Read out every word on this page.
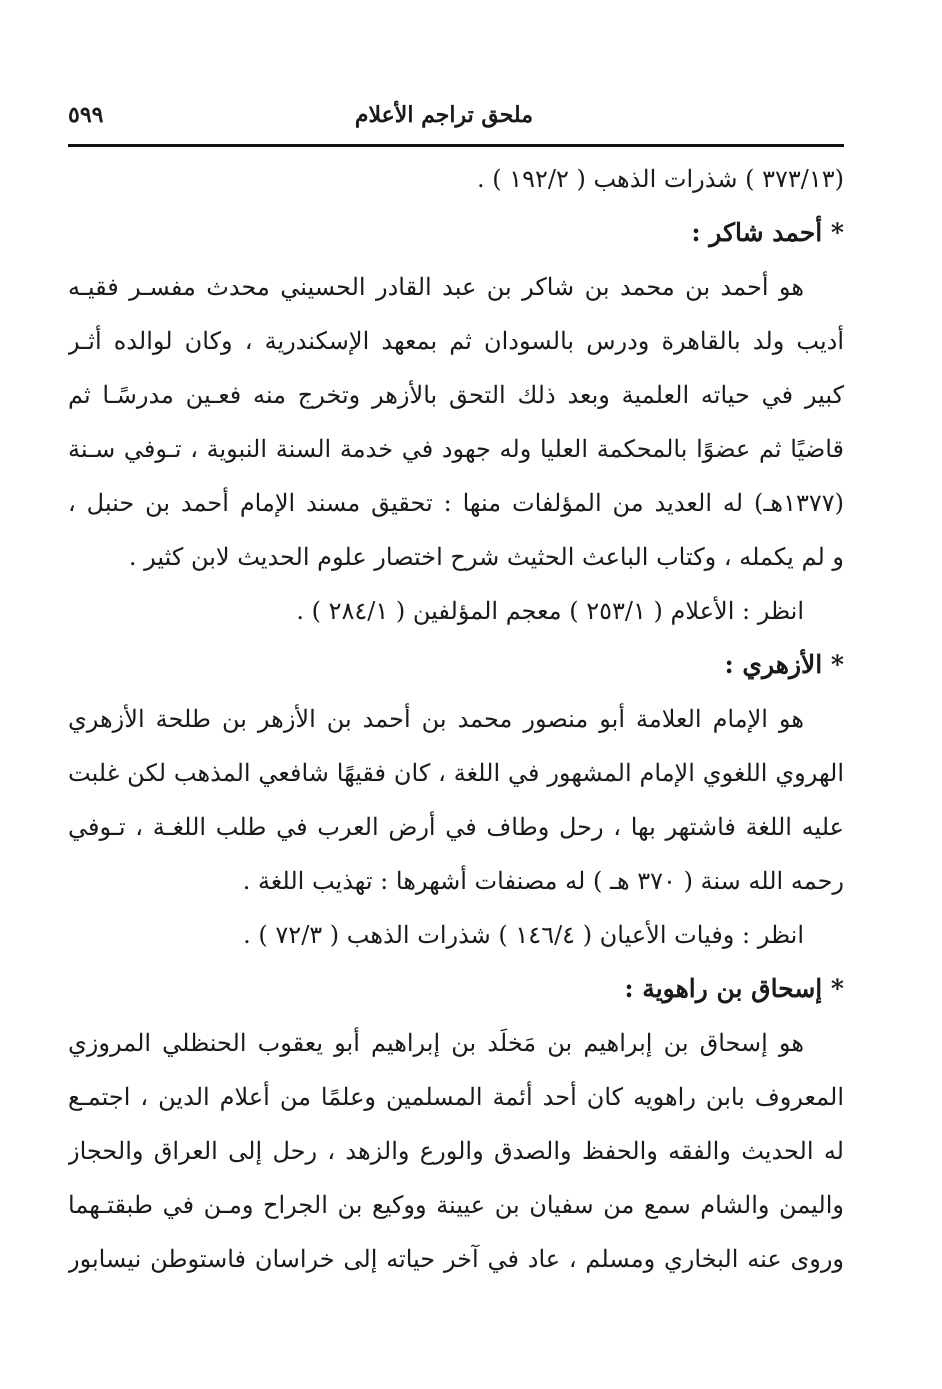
ملحق تراجم الأعلام
٥٩٩
(٣٧٣/١٣ ) شذرات الذهب ( ١٩٢/٢ ) .
* أحمد شاكر :
هو أحمد بن محمد بن شاكر بن عبد القادر الحسيني محدث مفسـر فقيـه
أديب ولد بالقاهرة ودرس بالسودان ثم بمعهد الإسكندرية ، وكان لوالده أثـر
كبير في حياته العلمية وبعد ذلك التحق بالأزهر وتخرج منه فعـين مدرسًـا ثم
قاضيًا ثم عضوًا بالمحكمة العليا وله جهود في خدمة السنة النبوية ، تـوفي سـنة
(١٣٧٧هـ) له العديد من المؤلفات منها : تحقيق مسند الإمام أحمد بن حنبل ،
و لم يكمله ، وكتاب الباعث الحثيث شرح اختصار علوم الحديث لابن كثير .
انظر : الأعلام ( ٢٥٣/١ ) معجم المؤلفين ( ٢٨٤/١ ) .
* الأزهري :
هو الإمام العلامة أبو منصور محمد بن أحمد بن الأزهر بن طلحة الأزهري
الهروي اللغوي الإمام المشهور في اللغة ، كان فقيهًا شافعي المذهب لكن غلبت
عليه اللغة فاشتهر بها ، رحل وطاف في أرض العرب في طلب اللغـة ، تـوفي
رحمه الله سنة ( ٣٧٠ هـ ) له مصنفات أشهرها : تهذيب اللغة .
انظر : وفيات الأعيان ( ١٤٦/٤ ) شذرات الذهب ( ٧٢/٣ ) .
* إسحاق بن راهوية :
هو إسحاق بن إبراهيم بن مَخلَد بن إبراهيم أبو يعقوب الحنظلي المروزي
المعروف بابن راهويه كان أحد أئمة المسلمين وعلمًا من أعلام الدين ، اجتمـع
له الحديث والفقه والحفظ والصدق والورع والزهد ، رحل إلى العراق والحجاز
واليمن والشام سمع من سفيان بن عيينة ووكيع بن الجراح ومـن في طبقتـهما
وروى عنه البخاري ومسلم ، عاد في آخر حياته إلى خراسان فاستوطن نيسابور
